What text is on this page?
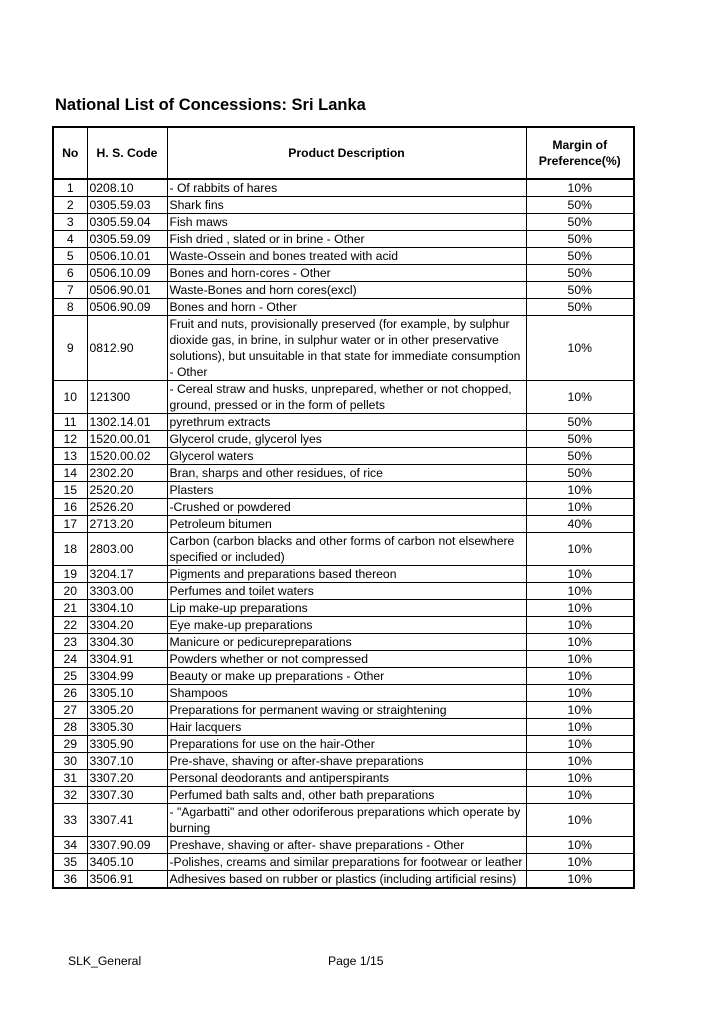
National List of Concessions: Sri Lanka
No	H. S. Code	Product Description	Margin of Preference(%)
1	0208.10	- Of rabbits of hares	10%
2	0305.59.03	Shark fins	50%
3	0305.59.04	Fish maws	50%
4	0305.59.09	Fish dried , slated or in brine - Other	50%
5	0506.10.01	Waste-Ossein and bones treated with acid	50%
6	0506.10.09	Bones and horn-cores - Other	50%
7	0506.90.01	Waste-Bones and horn cores(excl)	50%
8	0506.90.09	Bones and horn - Other	50%
9	0812.90	Fruit and nuts, provisionally preserved (for example, by sulphur dioxide gas, in brine, in sulphur water or in other preservative solutions), but unsuitable in that state for immediate consumption - Other	10%
10	121300	- Cereal straw and husks, unprepared, whether or not chopped, ground, pressed or in the form of pellets	10%
11	1302.14.01	pyrethrum extracts	50%
12	1520.00.01	Glycerol crude, glycerol lyes	50%
13	1520.00.02	Glycerol waters	50%
14	2302.20	Bran, sharps and other residues, of rice	50%
15	2520.20	Plasters	10%
16	2526.20	-Crushed or powdered	10%
17	2713.20	Petroleum bitumen	40%
18	2803.00	Carbon (carbon blacks and other forms of carbon not elsewhere specified or included)	10%
19	3204.17	Pigments and preparations based thereon	10%
20	3303.00	Perfumes and toilet waters	10%
21	3304.10	Lip make-up preparations	10%
22	3304.20	Eye make-up preparations	10%
23	3304.30	Manicure or pedicurepreparations	10%
24	3304.91	Powders whether or not compressed	10%
25	3304.99	Beauty or make up preparations - Other	10%
26	3305.10	Shampoos	10%
27	3305.20	Preparations for permanent waving or straightening	10%
28	3305.30	Hair lacquers	10%
29	3305.90	Preparations for use on the hair-Other	10%
30	3307.10	Pre-shave, shaving or after-shave preparations	10%
31	3307.20	Personal deodorants and antiperspirants	10%
32	3307.30	Perfumed bath salts and, other bath preparations	10%
33	3307.41	- "Agarbatti" and other odoriferous preparations which operate by burning	10%
34	3307.90.09	Preshave, shaving or after- shave preparations - Other	10%
35	3405.10	-Polishes, creams and similar preparations for footwear or leather	10%
36	3506.91	Adhesives based on rubber or plastics (including artificial resins)	10%
SLK_General	Page 1/15
